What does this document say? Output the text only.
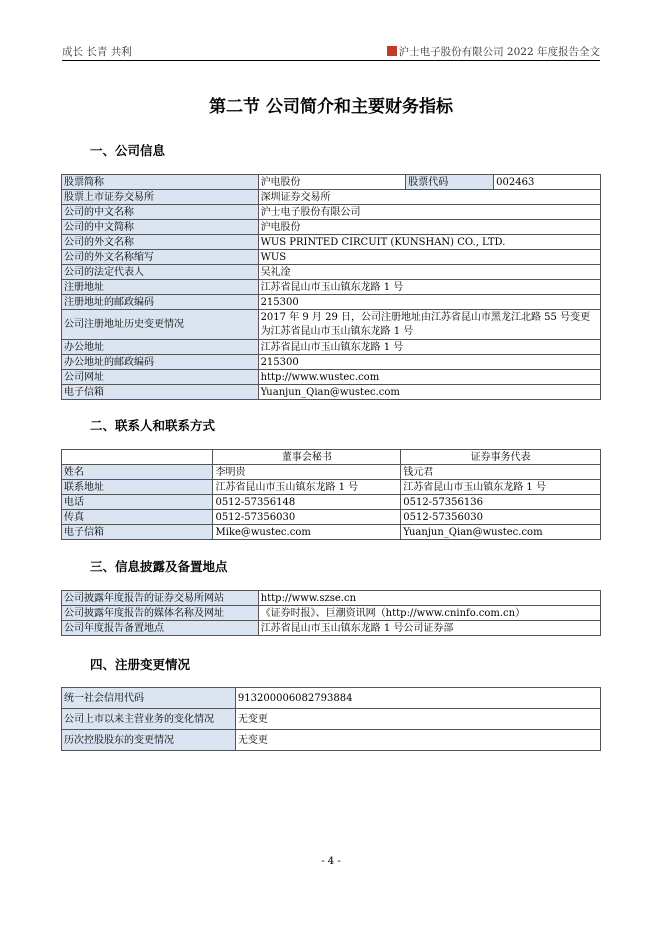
成长 长青 共利	沪士电子股份有限公司 2022 年度报告全文
第二节 公司简介和主要财务指标
一、公司信息
股票简称	沪电股份	股票代码	002463
股票上市证券交易所	深圳证券交易所		
公司的中文名称	沪士电子股份有限公司		
公司的中文简称	沪电股份		
公司的外文名称	WUS PRINTED CIRCUIT (KUNSHAN) CO., LTD.		
公司的外文名称缩写	WUS		
公司的法定代表人	吴礼淦		
注册地址	江苏省昆山市玉山镇东龙路 1 号		
注册地址的邮政编码	215300		
公司注册地址历史变更情况	2017 年 9 月 29 日，公司注册地址由江苏省昆山市黑龙江北路 55 号变更为江苏省昆山市玉山镇东龙路 1 号		
办公地址	江苏省昆山市玉山镇东龙路 1 号		
办公地址的邮政编码	215300		
公司网址	http://www.wustec.com		
电子信箱	Yuanjun_Qian@wustec.com		
二、联系人和联系方式
	董事会秘书	证券事务代表
姓名	李明贵	钱元君
联系地址	江苏省昆山市玉山镇东龙路 1 号	江苏省昆山市玉山镇东龙路 1 号
电话	0512-57356148	0512-57356136
传真	0512-57356030	0512-57356030
电子信箱	Mike@wustec.com	Yuanjun_Qian@wustec.com
三、信息披露及备置地点
公司披露年度报告的证券交易所网站	http://www.szse.cn
公司披露年度报告的媒体名称及网址	《证券时报》、巨潮资讯网（http://www.cninfo.com.cn）
公司年度报告备置地点	江苏省昆山市玉山镇东龙路 1 号公司证券部
四、注册变更情况
统一社会信用代码	913200006082793884
公司上市以来主营业务的变化情况	无变更
历次控股股东的变更情况	无变更
- 4 -
